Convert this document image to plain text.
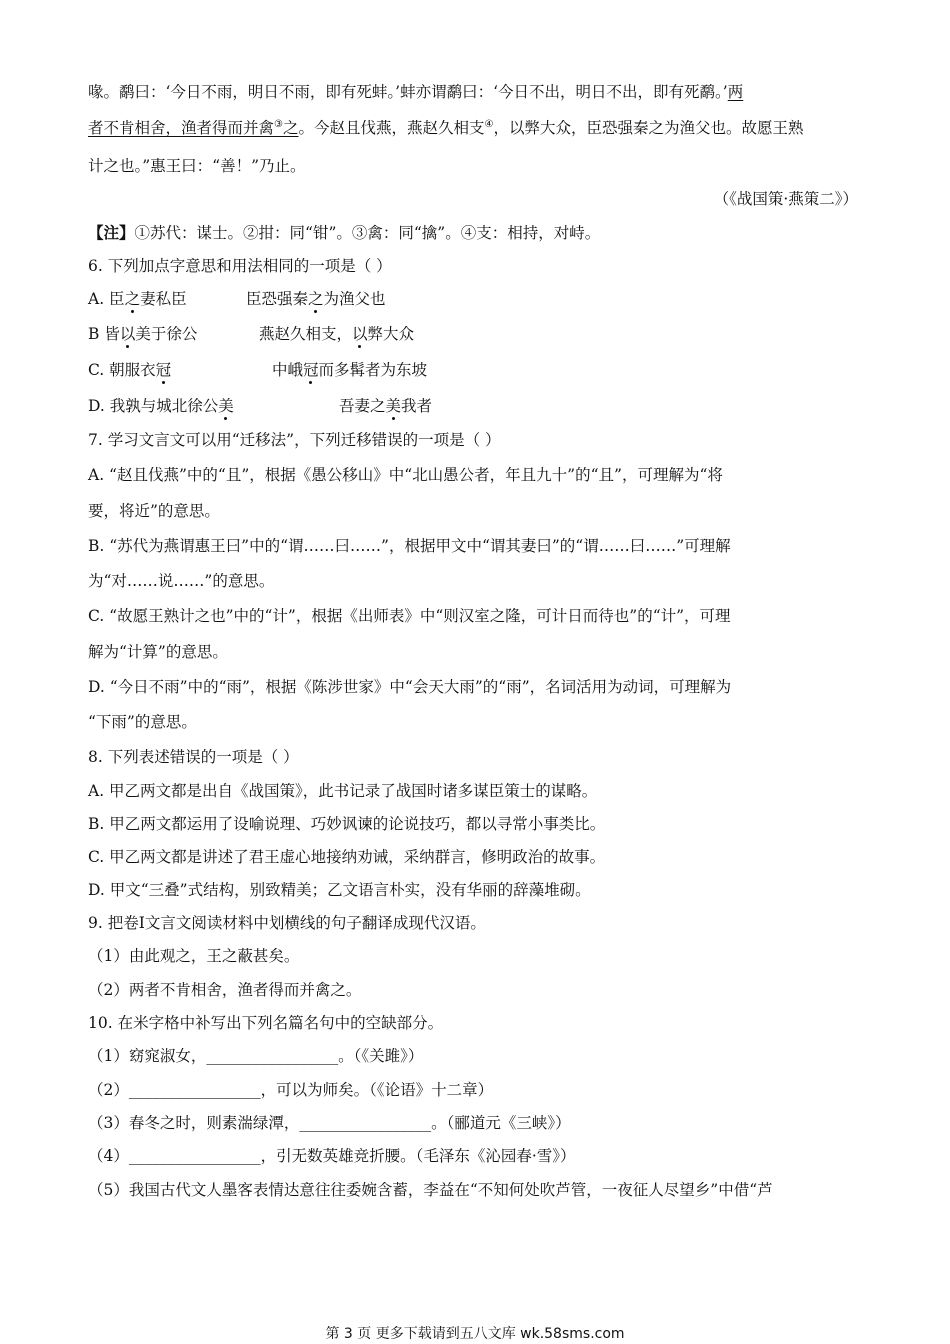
喙。鹬曰：‘今日不雨，明日不雨，即有死蚌。’蚌亦谓鹬曰：‘今日不出，明日不出，即有死鹬。’两
者不肯相舍，渔者得而并禽③之。今赵且伐燕，燕赵久相支④，以弊大众，臣恐强秦之为渔父也。故愿王熟
计之也。”惠王曰：“善！”乃止。
（《战国策·燕策二》）
【注】①苏代：谋士。②拑：同“钳”。③禽：同“擒”。④支：相持，对峙。
6. 下列加点字意思和用法相同的一项是（ ）
A. 臣之妻私臣	臣恐强秦之为渔父也
B 皆以美于徐公	燕赵久相支，以弊大众
C. 朝服衣冠	中峨冠而多髯者为东坡
D. 我孰与城北徐公美	吾妻之美我者
7. 学习文言文可以用“迁移法”，下列迁移错误的一项是（ ）
A. “赵且伐燕”中的“且”，根据《愚公移山》中“北山愚公者，年且九十”的“且”，可理解为“将
要，将近”的意思。
B. “苏代为燕谓惠王曰”中的“谓……曰……”，根据甲文中“谓其妻曰”的“谓……曰……”可理解
为“对……说……”的意思。
C. “故愿王熟计之也”中的“计”，根据《出师表》中“则汉室之隆，可计日而待也”的“计”，可理
解为“计算”的意思。
D. “今日不雨”中的“雨”，根据《陈涉世家》中“会天大雨”的“雨”，名词活用为动词，可理解为
“下雨”的意思。
8. 下列表述错误的一项是（ ）
A. 甲乙两文都是出自《战国策》，此书记录了战国时诸多谋臣策士的谋略。
B. 甲乙两文都运用了设喻说理、巧妙讽谏的论说技巧，都以寻常小事类比。
C. 甲乙两文都是讲述了君王虚心地接纳劝诫，采纳群言，修明政治的故事。
D. 甲文“三叠”式结构，别致精美；乙文语言朴实，没有华丽的辞藻堆砌。
9. 把卷Ⅰ文言文阅读材料中划横线的句子翻译成现代汉语。
（1）由此观之，王之蔽甚矣。
（2）两者不肯相舍，渔者得而并禽之。
10. 在米字格中补写出下列名篇名句中的空缺部分。
（1）窈窕淑女，_________________。（《关雎》）
（2）_________________，可以为师矣。（《论语》十二章）
（3）春冬之时，则素湍绿潭，_________________。（郦道元《三峡》）
（4）_________________，引无数英雄竞折腰。（毛泽东《沁园春·雪》）
（5）我国古代文人墨客表情达意往往委婉含蓄，李益在“不知何处吹芦管，一夜征人尽望乡”中借“芦
第 3 页 更多下载请到五八文库 wk.58sms.com
